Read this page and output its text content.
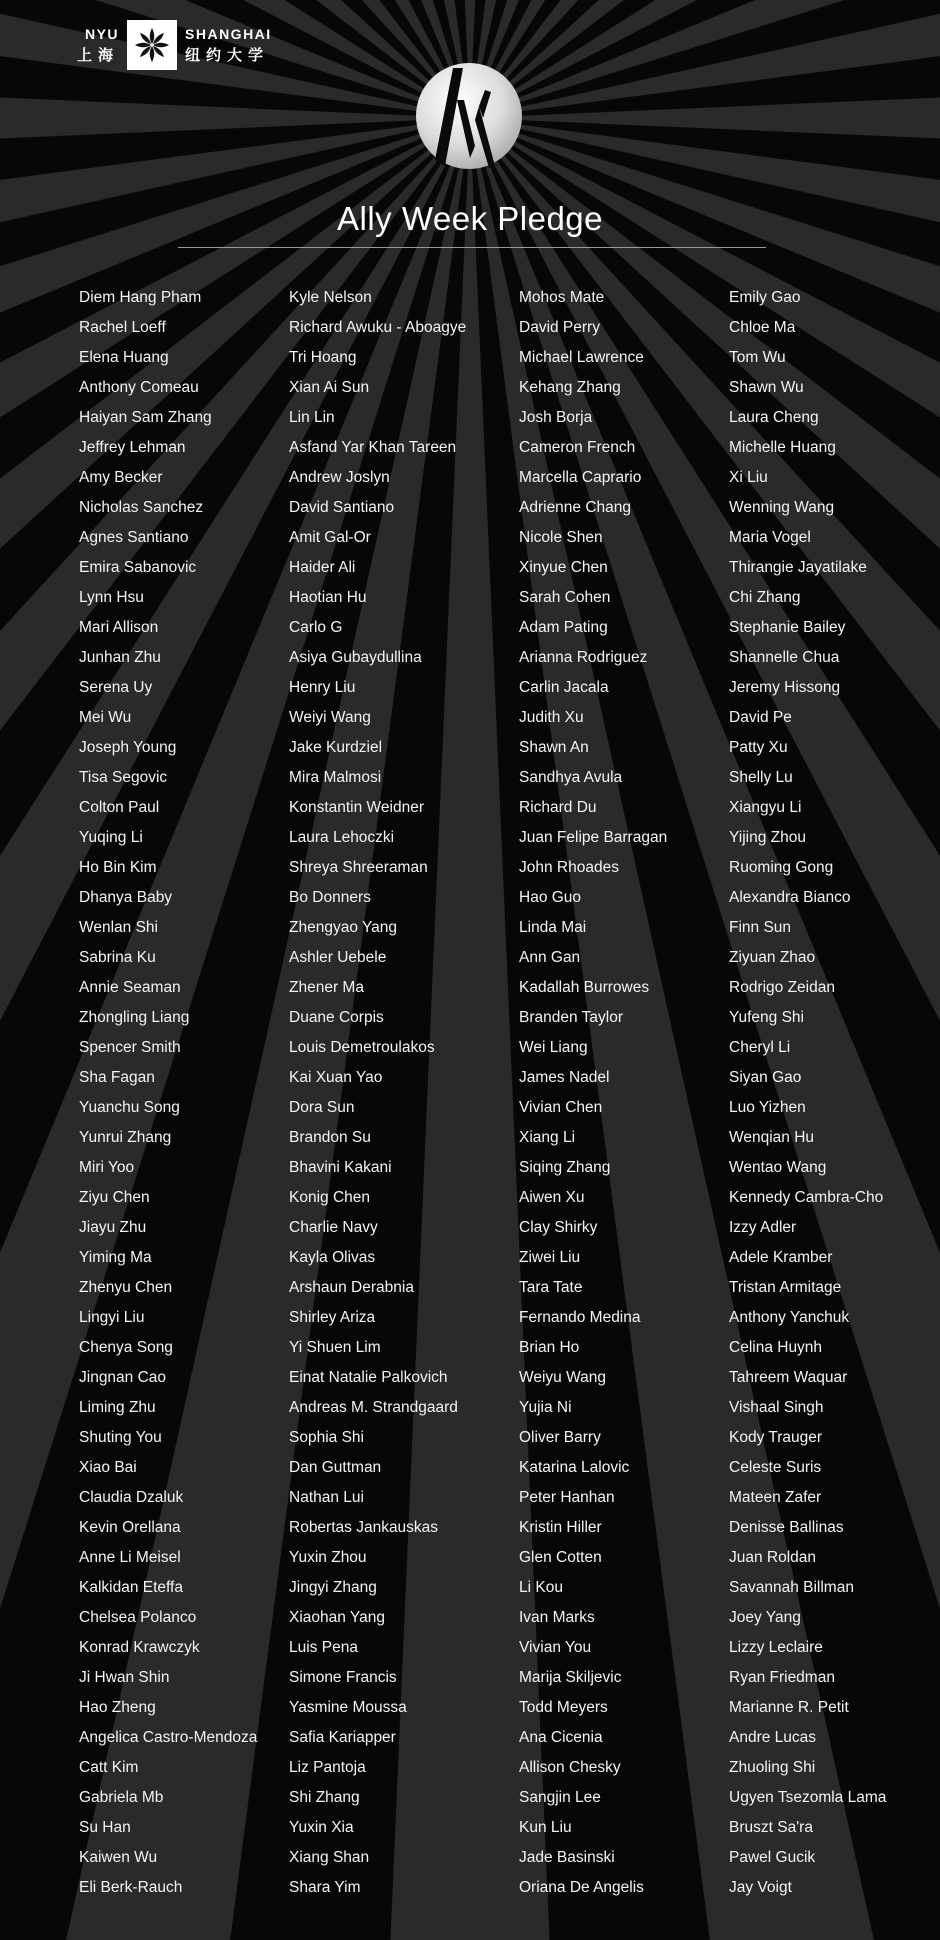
NYU
上海
SHANGHAI
纽约大学
Ally Week Pledge
Diem Hang Pham
Rachel Loeff
Elena Huang
Anthony Comeau
Haiyan Sam Zhang
Jeffrey Lehman
Amy Becker
Nicholas Sanchez
Agnes Santiano
Emira Sabanovic
Lynn Hsu
Mari Allison
Junhan Zhu
Serena Uy
Mei Wu
Joseph Young
Tisa Segovic
Colton Paul
Yuqing Li
Ho Bin Kim
Dhanya Baby
Wenlan Shi
Sabrina Ku
Annie Seaman
Zhongling Liang
Spencer Smith
Sha Fagan
Yuanchu Song
Yunrui Zhang
Miri Yoo
Ziyu Chen
Jiayu Zhu
Yiming Ma
Zhenyu Chen
Lingyi Liu
Chenya Song
Jingnan Cao
Liming Zhu
Shuting You
Xiao Bai
Claudia Dzaluk
Kevin Orellana
Anne Li Meisel
Kalkidan Eteffa
Chelsea Polanco
Konrad Krawczyk
Ji Hwan Shin
Hao Zheng
Angelica Castro-Mendoza
Catt Kim
Gabriela Mb
Su Han
Kaiwen Wu
Eli Berk-Rauch
Kyle Nelson
Richard Awuku - Aboagye
Tri Hoang
Xian Ai Sun
Lin Lin
Asfand Yar Khan Tareen
Andrew Joslyn
David Santiano
Amit Gal-Or
Haider Ali
Haotian Hu
Carlo G
Asiya Gubaydullina
Henry Liu
Weiyi Wang
Jake Kurdziel
Mira Malmosi
Konstantin Weidner
Laura Lehoczki
Shreya Shreeraman
Bo Donners
Zhengyao Yang
Ashler Uebele
Zhener Ma
Duane Corpis
Louis Demetroulakos
Kai Xuan Yao
Dora Sun
Brandon Su
Bhavini Kakani
Konig Chen
Charlie Navy
Kayla Olivas
Arshaun Derabnia
Shirley Ariza
Yi Shuen Lim
Einat Natalie Palkovich
Andreas M. Strandgaard
Sophia Shi
Dan Guttman
Nathan Lui
Robertas Jankauskas
Yuxin Zhou
Jingyi Zhang
Xiaohan Yang
Luis Pena
Simone Francis
Yasmine Moussa
Safia Kariapper
Liz Pantoja
Shi Zhang
Yuxin Xia
Xiang Shan
Shara Yim
Mohos Mate
David Perry
Michael Lawrence
Kehang Zhang
Josh Borja
Cameron French
Marcella Caprario
Adrienne Chang
Nicole Shen
Xinyue Chen
Sarah Cohen
Adam Pating
Arianna Rodriguez
Carlin Jacala
Judith Xu
Shawn An
Sandhya Avula
Richard Du
Juan Felipe Barragan
John Rhoades
Hao Guo
Linda Mai
Ann Gan
Kadallah Burrowes
Branden Taylor
Wei Liang
James Nadel
Vivian Chen
Xiang Li
Siqing Zhang
Aiwen Xu
Clay Shirky
Ziwei Liu
Tara Tate
Fernando Medina
Brian Ho
Weiyu Wang
Yujia Ni
Oliver Barry
Katarina Lalovic
Peter Hanhan
Kristin Hiller
Glen Cotten
Li Kou
Ivan Marks
Vivian You
Marija Skiljevic
Todd Meyers
Ana Cicenia
Allison Chesky
Sangjin Lee
Kun Liu
Jade Basinski
Oriana De Angelis
Emily Gao
Chloe Ma
Tom Wu
Shawn Wu
Laura Cheng
Michelle Huang
Xi Liu
Wenning Wang
Maria Vogel
Thirangie Jayatilake
Chi Zhang
Stephanie Bailey
Shannelle Chua
Jeremy Hissong
David Pe
Patty Xu
Shelly Lu
Xiangyu Li
Yijing Zhou
Ruoming Gong
Alexandra Bianco
Finn Sun
Ziyuan Zhao
Rodrigo Zeidan
Yufeng Shi
Cheryl Li
Siyan Gao
Luo Yizhen
Wenqian Hu
Wentao Wang
Kennedy Cambra-Cho
Izzy Adler
Adele Kramber
Tristan Armitage
Anthony Yanchuk
Celina Huynh
Tahreem Waquar
Vishaal Singh
Kody Trauger
Celeste Suris
Mateen Zafer
Denisse Ballinas
Juan Roldan
Savannah Billman
Joey Yang
Lizzy Leclaire
Ryan Friedman
Marianne R. Petit
Andre Lucas
Zhuoling Shi
Ugyen Tsezomla Lama
Bruszt Sa'ra
Pawel Gucik
Jay Voigt
